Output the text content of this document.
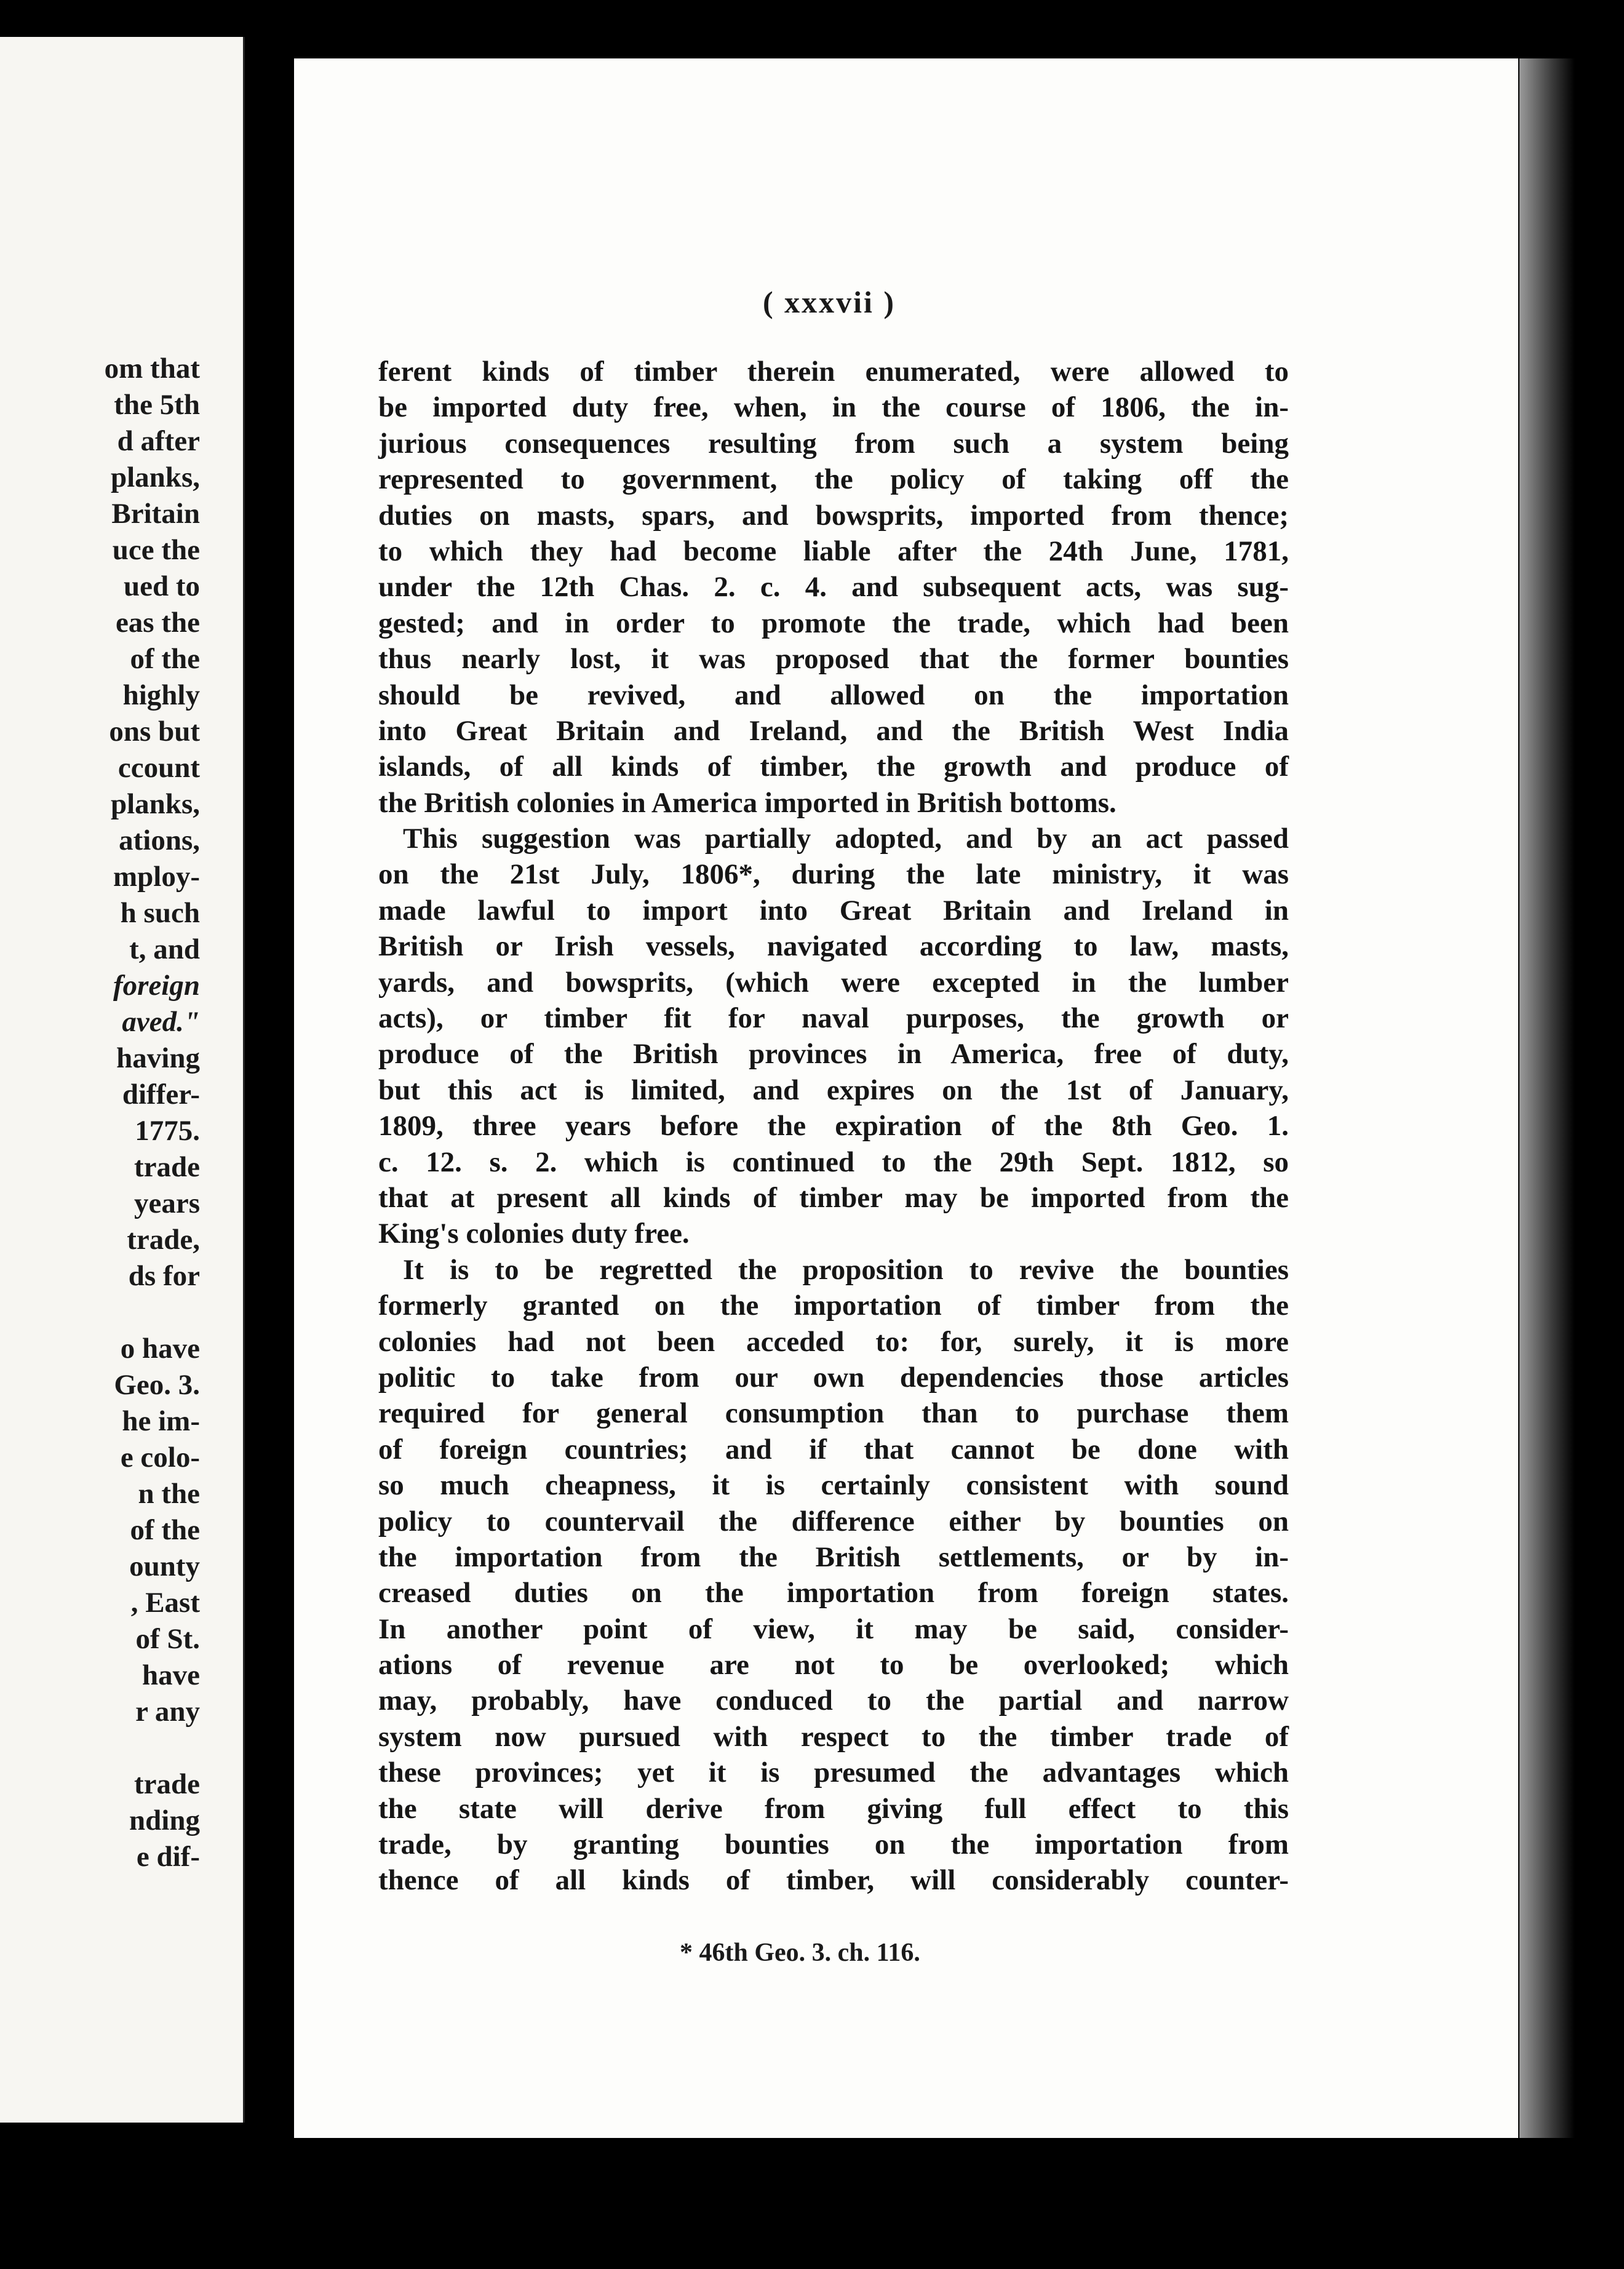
om that
the 5th
d after
planks,
Britain
uce the
ued to
eas the
of the
highly
ons but
ccount
planks,
ations,
mploy-
h such
t, and
foreign
aved."
having
differ-
1775.
trade
years
trade,
ds for
o have
Geo. 3.
he im-
e colo-
n the
of the
ounty
, East
of St.
have
r any
trade
nding
e dif-
( xxxvii )
ferent kinds of timber therein enumerated, were allowed to
be imported duty free, when, in the course of 1806, the in-
jurious consequences resulting from such a system being
represented to government, the policy of taking off the
duties on masts, spars, and bowsprits, imported from thence;
to which they had become liable after the 24th June, 1781,
under the 12th Chas. 2. c. 4. and subsequent acts, was sug-
gested; and in order to promote the trade, which had been
thus nearly lost, it was proposed that the former bounties
should be revived, and allowed on the importation
into Great Britain and Ireland, and the British West India
islands, of all kinds of timber, the growth and produce of
the British colonies in America imported in British bottoms.
This suggestion was partially adopted, and by an act passed
on the 21st July, 1806*, during the late ministry, it was
made lawful to import into Great Britain and Ireland in
British or Irish vessels, navigated according to law, masts,
yards, and bowsprits, (which were excepted in the lumber
acts), or timber fit for naval purposes, the growth or
produce of the British provinces in America, free of duty,
but this act is limited, and expires on the 1st of January,
1809, three years before the expiration of the 8th Geo. 1.
c. 12. s. 2. which is continued to the 29th Sept. 1812, so
that at present all kinds of timber may be imported from the
King's colonies duty free.
It is to be regretted the proposition to revive the bounties
formerly granted on the importation of timber from the
colonies had not been acceded to: for, surely, it is more
politic to take from our own dependencies those articles
required for general consumption than to purchase them
of foreign countries; and if that cannot be done with
so much cheapness, it is certainly consistent with sound
policy to countervail the difference either by bounties on
the importation from the British settlements, or by in-
creased duties on the importation from foreign states.
In another point of view, it may be said, consider-
ations of revenue are not to be overlooked; which
may, probably, have conduced to the partial and narrow
system now pursued with respect to the timber trade of
these provinces; yet it is presumed the advantages which
the state will derive from giving full effect to this
trade, by granting bounties on the importation from
thence of all kinds of timber, will considerably counter-
* 46th Geo. 3. ch. 116.
